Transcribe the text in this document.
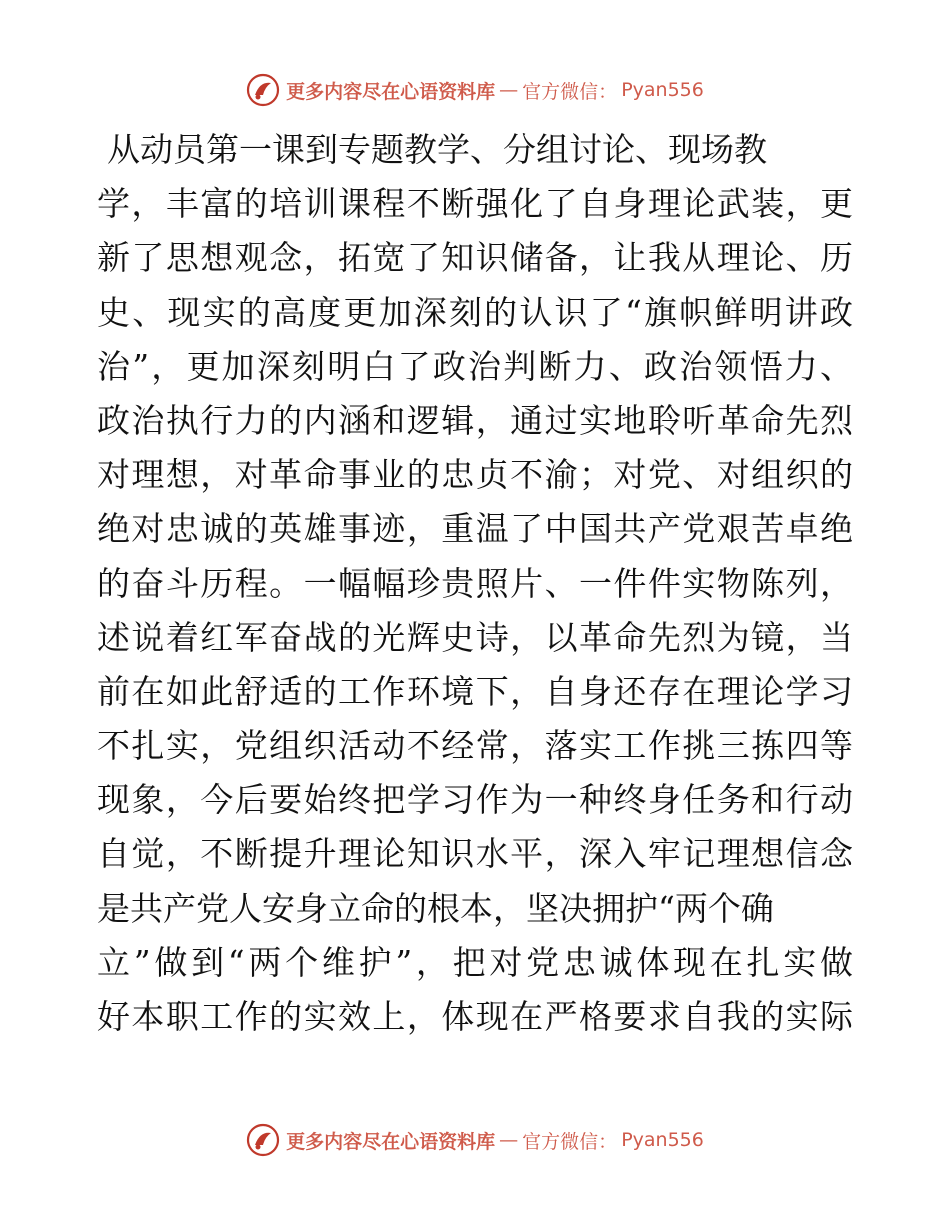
更多内容尽在心语资料库 — 官方微信： Pyan556
从动员第一课到专题教学、分组讨论、现场教
学，丰富的培训课程不断强化了自身理论武装，更
新了思想观念，拓宽了知识储备，让我从理论、历
史、现实的高度更加深刻的认识了“旗帜鲜明讲政
治”，更加深刻明白了政治判断力、政治领悟力、
政治执行力的内涵和逻辑，通过实地聆听革命先烈
对理想，对革命事业的忠贞不渝；对党、对组织的
绝对忠诚的英雄事迹，重温了中国共产党艰苦卓绝
的奋斗历程。一幅幅珍贵照片、一件件实物陈列，
述说着红军奋战的光辉史诗，以革命先烈为镜，当
前在如此舒适的工作环境下，自身还存在理论学习
不扎实，党组织活动不经常，落实工作挑三拣四等
现象，今后要始终把学习作为一种终身任务和行动
自觉，不断提升理论知识水平，深入牢记理想信念
是共产党人安身立命的根本，坚决拥护“两个确
立”做到“两个维护”，把对党忠诚体现在扎实做
好本职工作的实效上，体现在严格要求自我的实际
更多内容尽在心语资料库 — 官方微信： Pyan556
